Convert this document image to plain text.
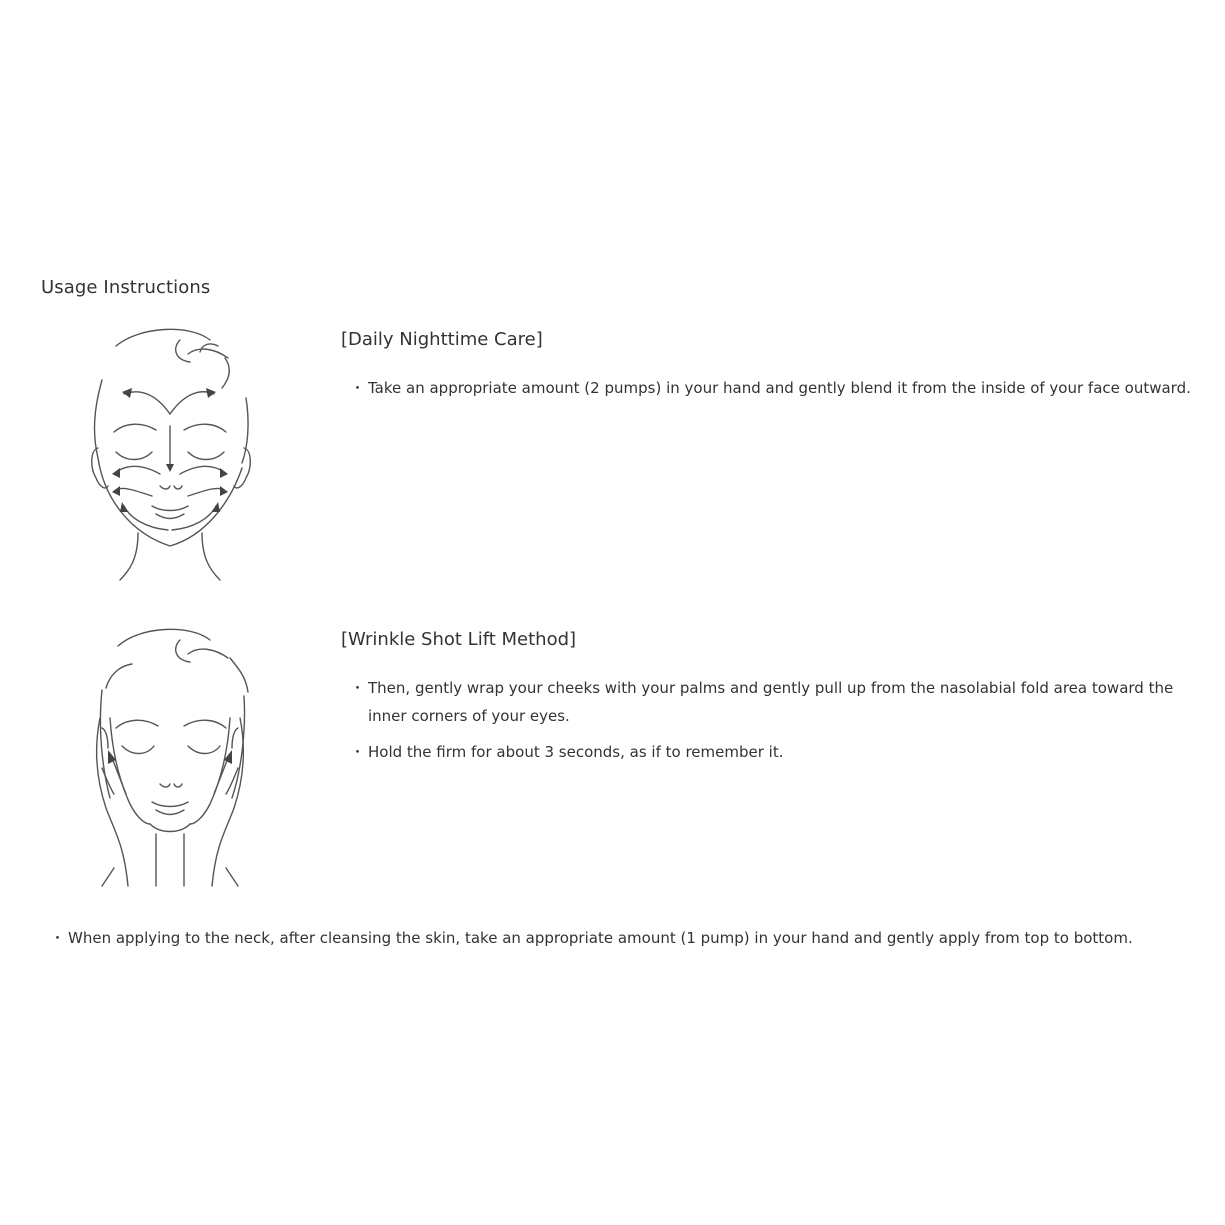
Usage Instructions
[Daily Nighttime Care]
・ Take an appropriate amount (2 pumps) in your hand and gently blend it from the inside of your face outward.
[Wrinkle Shot Lift Method]
・ Then, gently wrap your cheeks with your palms and gently pull up from the nasolabial fold area toward the inner corners of your eyes.
・ Hold the firm for about 3 seconds, as if to remember it.
・ When applying to the neck, after cleansing the skin, take an appropriate amount (1 pump) in your hand and gently apply from top to bottom.
